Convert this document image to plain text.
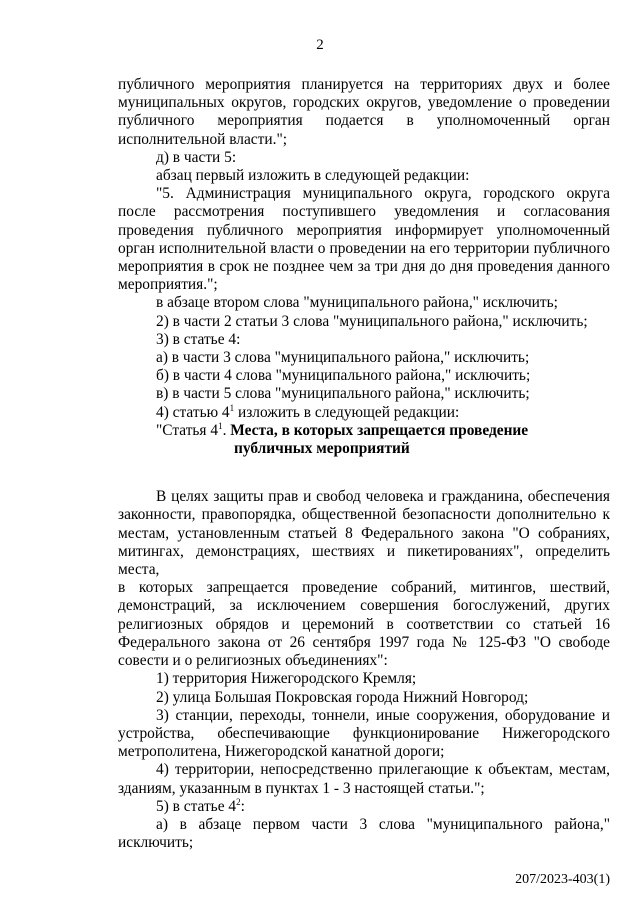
2

публичного мероприятия планируется на территориях двух и более

муниципальных округов, городских округов, уведомление о проведении

публичного мероприятия подается в уполномоченный орган

исполнительной власти.";

д) в части 5:

абзац первый изложить в следующей редакции:

"5. Администрация муниципального округа, городского округа

после рассмотрения поступившего уведомления и согласования

проведения публичного мероприятия информирует уполномоченный

орган исполнительной власти о проведении на его территории публичного

мероприятия в срок не позднее чем за три дня до дня проведения данного

мероприятия.";

в абзаце втором слова "муниципального района," исключить;

2) в части 2 статьи 3 слова "муниципального района," исключить;

3) в статье 4:

а) в части 3 слова "муниципального района," исключить;

б) в части 4 слова "муниципального района," исключить;

в) в части 5 слова "муниципального района," исключить;

4) статью $4^1$ изложить в следующей редакции:

"Статья $4^1$. Места, в которых запрещается проведение

публичных мероприятий

В целях защиты прав и свобод человека и гражданина, обеспечения

законности, правопорядка, общественной безопасности дополнительно к

местам, установленным статьей 8 Федерального закона "О собраниях,

митингах, демонстрациях, шествиях и пикетированиях", определить места,

в которых запрещается проведение собраний, митингов, шествий,

демонстраций, за исключением совершения богослужений, других

религиозных обрядов и церемоний в соответствии со статьей 16

Федерального закона от 26 сентября 1997 года № 125-ФЗ "О свободе

совести и о религиозных объединениях":

1) территория Нижегородского Кремля;

2) улица Большая Покровская города Нижний Новгород;

3) станции, переходы, тоннели, иные сооружения, оборудование и

устройства, обеспечивающие функционирование Нижегородского

метрополитена, Нижегородской канатной дороги;

4) территории, непосредственно прилегающие к объектам, местам,

зданиям, указанным в пунктах 1 - 3 настоящей статьи.";

5) в статье $4^2$:

а) в абзаце первом части 3 слова "муниципального района,"

исключить;

207/2023-403(1)
